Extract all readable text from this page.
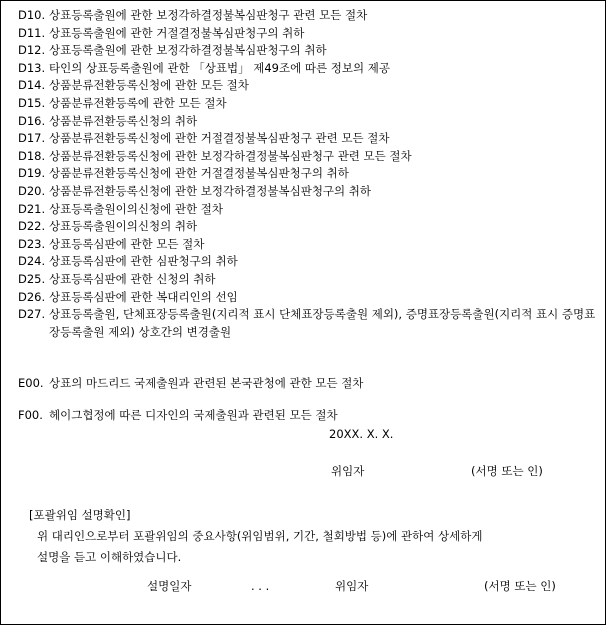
D10. 상표등록출원에 관한 보정각하결정불복심판청구 관련 모든 절차
D11. 상표등록출원에 관한 거절결정불복심판청구의 취하
D12. 상표등록출원에 관한 보정각하결정불복심판청구의 취하
D13. 타인의 상표등록출원에 관한 「상표법」 제49조에 따른 정보의 제공
D14. 상품분류전환등록신청에 관한 모든 절차
D15. 상품분류전환등록에 관한 모든 절차
D16. 상품분류전환등록신청의 취하
D17. 상품분류전환등록신청에 관한 거절결정불복심판청구 관련 모든 절차
D18. 상품분류전환등록신청에 관한 보정각하결정불복심판청구 관련 모든 절차
D19. 상품분류전환등록신청에 관한 거절결정불복심판청구의 취하
D20. 상품분류전환등록신청에 관한 보정각하결정불복심판청구의 취하
D21. 상표등록출원이의신청에 관한 절차
D22. 상표등록출원이의신청의 취하
D23. 상표등록심판에 관한 모든 절차
D24. 상표등록심판에 관한 심판청구의 취하
D25. 상표등록심판에 관한 신청의 취하
D26. 상표등록심판에 관한 복대리인의 선임
D27. 상표등록출원, 단체표장등록출원(지리적 표시 단체표장등록출원 제외), 증명표장등록출원(지리적 표시 증명표장등록출원 제외) 상호간의 변경출원
E00. 상표의 마드리드 국제출원과 관련된 본국관청에 관한 모든 절차
F00. 헤이그협정에 따른 디자인의 국제출원과 관련된 모든 절차
20XX. X. X.
위임자	(서명 또는 인)
[포괄위임 설명확인]
위 대리인으로부터 포괄위임의 중요사항(위임범위, 기간, 철회방법 등)에 관하여 상세하게
설명을 듣고 이해하였습니다.
설명일자	. . .	위임자	(서명 또는 인)
